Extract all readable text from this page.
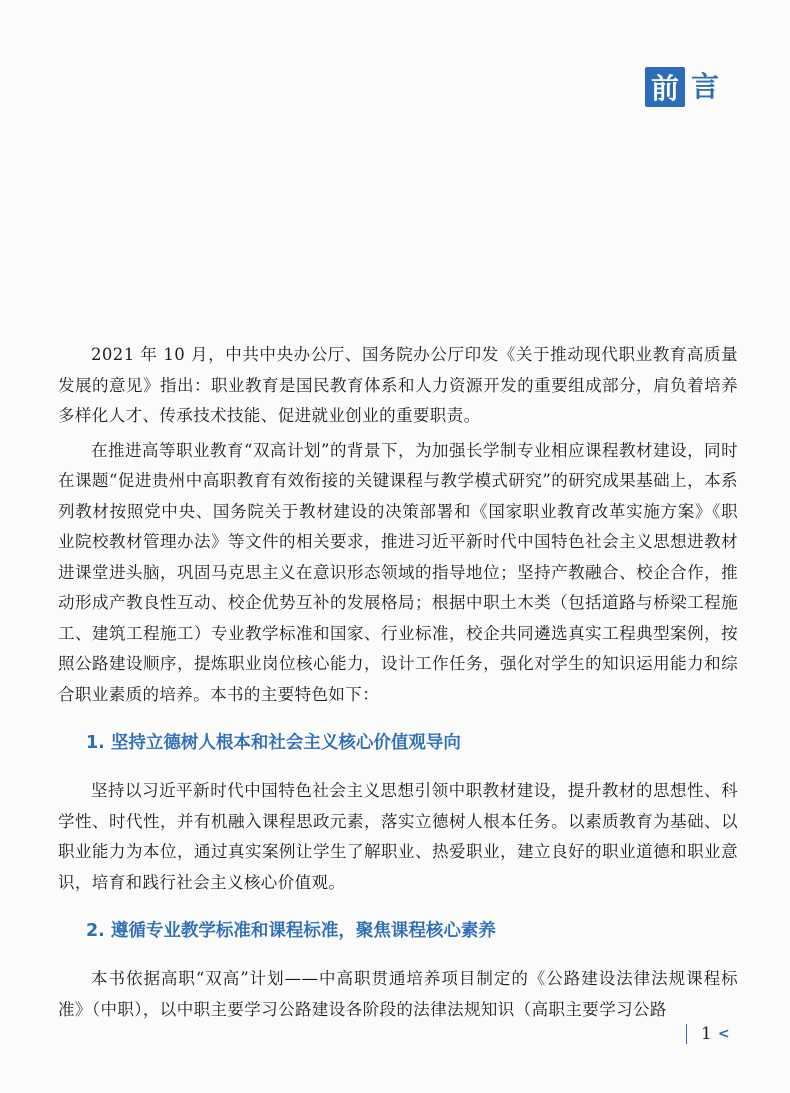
前 言

2021 年 10 月，中共中央办公厅、国务院办公厅印发《关于推动现代职业教育高质量发展的意见》指出：职业教育是国民教育体系和人力资源开发的重要组成部分，肩负着培养多样化人才、传承技术技能、促进就业创业的重要职责。

在推进高等职业教育“双高计划”的背景下，为加强长学制专业相应课程教材建设，同时在课题“促进贵州中高职教育有效衔接的关键课程与教学模式研究”的研究成果基础上，本系列教材按照党中央、国务院关于教材建设的决策部署和《国家职业教育改革实施方案》《职业院校教材管理办法》等文件的相关要求，推进习近平新时代中国特色社会主义思想进教材进课堂进头脑，巩固马克思主义在意识形态领域的指导地位；坚持产教融合、校企合作，推动形成产教良性互动、校企优势互补的发展格局；根据中职土木类（包括道路与桥梁工程施工、建筑工程施工）专业教学标准和国家、行业标准，校企共同遴选真实工程典型案例，按照公路建设顺序，提炼职业岗位核心能力，设计工作任务，强化对学生的知识运用能力和综合职业素质的培养。本书的主要特色如下：

1. 坚持立德树人根本和社会主义核心价值观导向

坚持以习近平新时代中国特色社会主义思想引领中职教材建设，提升教材的思想性、科学性、时代性，并有机融入课程思政元素，落实立德树人根本任务。以素质教育为基础、以职业能力为本位，通过真实案例让学生了解职业、热爱职业，建立良好的职业道德和职业意识，培育和践行社会主义核心价值观。

2. 遵循专业教学标准和课程标准，聚焦课程核心素养

本书依据高职“双高”计划——中高职贯通培养项目制定的《公路建设法律法规课程标准》（中职），以中职主要学习公路建设各阶段的法律法规知识（高职主要学习公路

1 <
